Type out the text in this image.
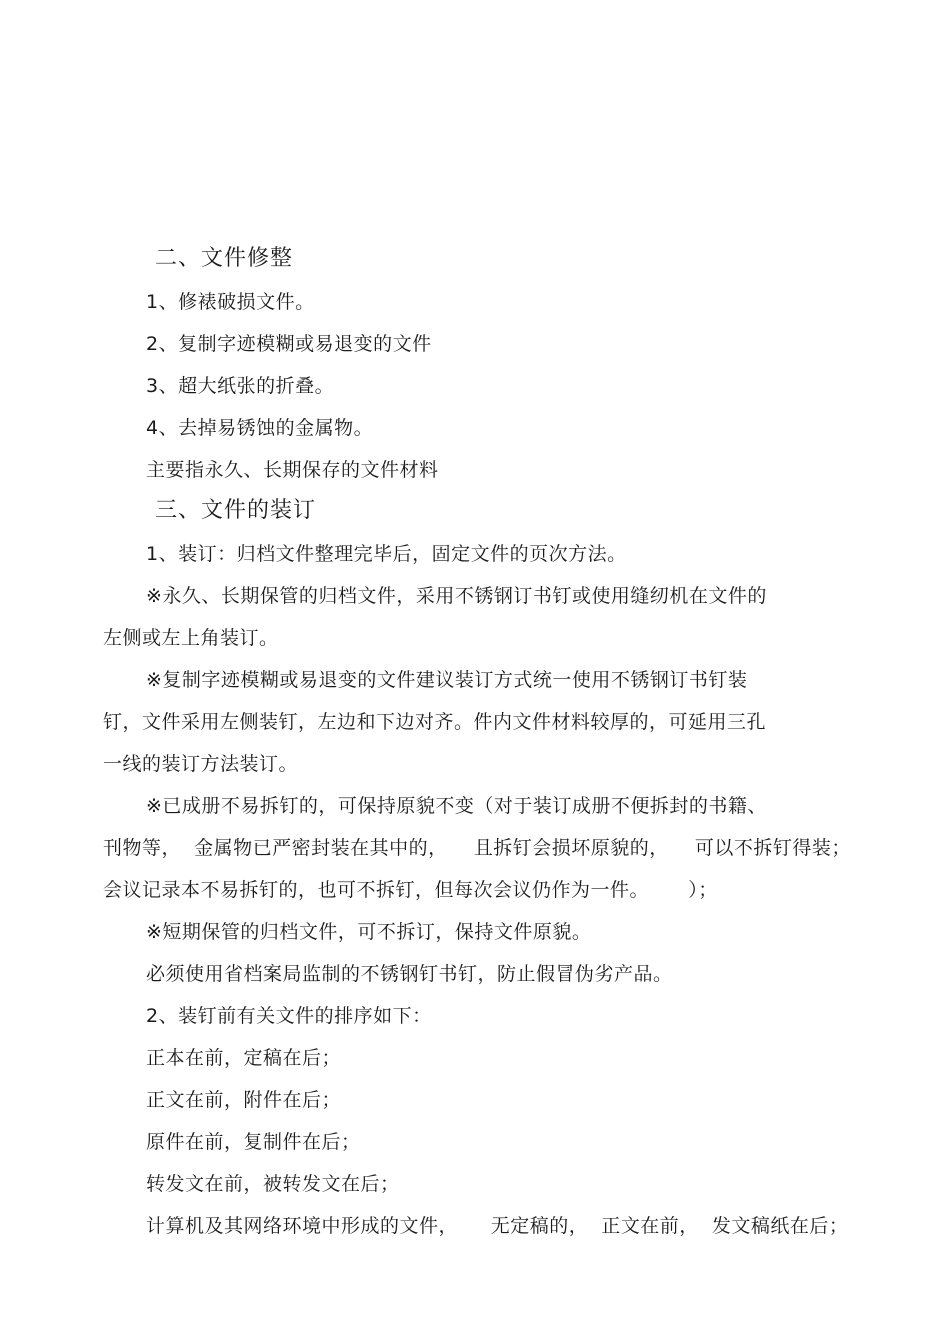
二、文件修整
1、修裱破损文件。
2、复制字迹模糊或易退变的文件
3、超大纸张的折叠。
4、去掉易锈蚀的金属物。
主要指永久、长期保存的文件材料
三、文件的装订
1、装订：归档文件整理完毕后，固定文件的页次方法。
※永久、长期保管的归档文件，采用不锈钢订书钉或使用缝纫机在文件的
左侧或左上角装订。
※复制字迹模糊或易退变的文件建议装订方式统一使用不锈钢订书钉装
钉，文件采用左侧装钉，左边和下边对齐。件内文件材料较厚的，可延用三孔
一线的装订方法装订。
※已成册不易拆钉的，可保持原貌不变（对于装订成册不便拆封的书籍、
刊物等，  金属物已严密封装在其中的，    且拆钉会损坏原貌的，    可以不拆钉得装；
会议记录本不易拆钉的，也可不拆钉，但每次会议仍作为一件。      ）；
※短期保管的归档文件，可不拆订，保持文件原貌。
必须使用省档案局监制的不锈钢钉书钉，防止假冒伪劣产品。
2、装钉前有关文件的排序如下：
正本在前，定稿在后；
正文在前，附件在后；
原件在前，复制件在后；
转发文在前，被转发文在后；
计算机及其网络环境中形成的文件，     无定稿的，  正文在前，  发文稿纸在后；
